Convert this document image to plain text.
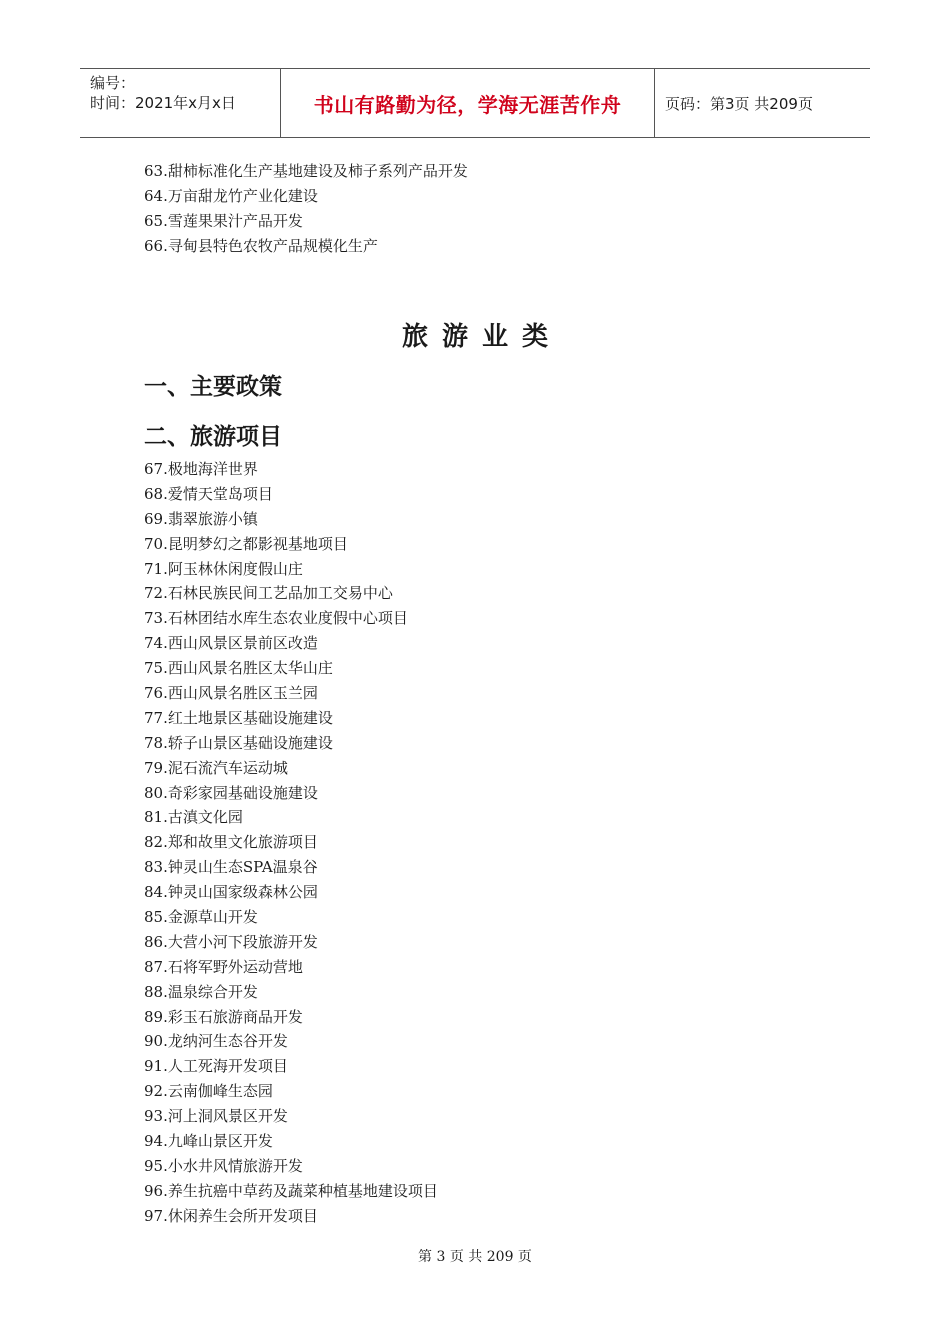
编号：
时间：2021年x月x日	书山有路勤为径，学海无涯苦作舟	页码：第3页 共209页
63.甜柿标准化生产基地建设及柿子系列产品开发
64.万亩甜龙竹产业化建设
65.雪莲果果汁产品开发
66.寻甸县特色农牧产品规模化生产
旅游业类
一、主要政策
二、旅游项目
67.极地海洋世界
68.爱情天堂岛项目
69.翡翠旅游小镇
70.昆明梦幻之都影视基地项目
71.阿玉林休闲度假山庄
72.石林民族民间工艺品加工交易中心
73.石林团结水库生态农业度假中心项目
74.西山风景区景前区改造
75.西山风景名胜区太华山庄
76.西山风景名胜区玉兰园
77.红土地景区基础设施建设
78.轿子山景区基础设施建设
79.泥石流汽车运动城
80.奇彩家园基础设施建设
81.古滇文化园
82.郑和故里文化旅游项目
83.钟灵山生态SPA温泉谷
84.钟灵山国家级森林公园
85.金源草山开发
86.大营小河下段旅游开发
87.石将军野外运动营地
88.温泉综合开发
89.彩玉石旅游商品开发
90.龙纳河生态谷开发
91.人工死海开发项目
92.云南伽峰生态园
93.河上洞风景区开发
94.九峰山景区开发
95.小水井风情旅游开发
96.养生抗癌中草药及蔬菜种植基地建设项目
97.休闲养生会所开发项目
第 3 页 共 209 页
